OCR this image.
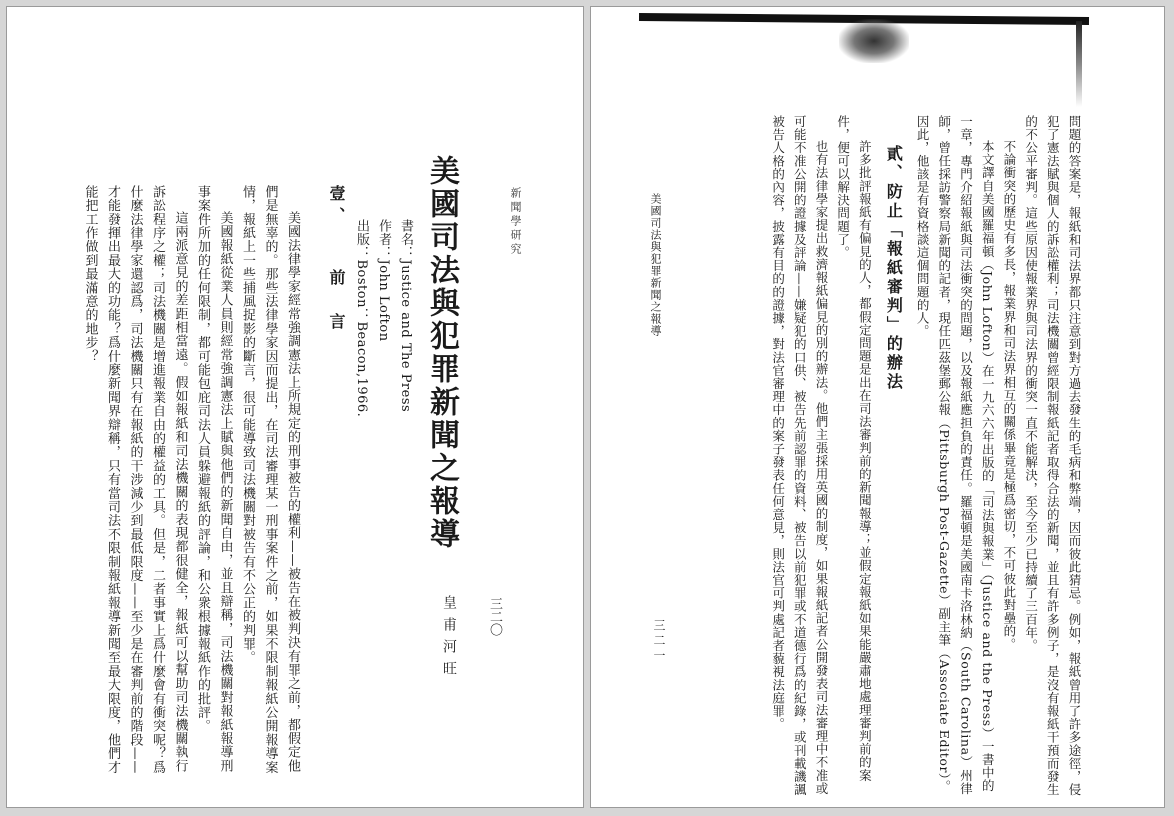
新聞學研究
三二〇
美國司法與犯罪新聞之報導
皇甫河旺
書名：Justice and The Press
作者：John Lofton
出版：Boston：Beacon,1966.
壹、前　言

美國法律學家經常強調憲法上所規定的刑事被告的權利——被告在被判決有罪之前，都假定他們是無辜的。那些法律學家因而提出，在司法審理某一刑事案件之前，如果不限制報紙公開報導案情，報紙上一些捕風捉影的斷言，很可能導致司法機關對被告有不公正的判罪。

美國報紙從業人員則經常強調憲法上賦與他們的新聞自由，並且辯稱，司法機關對報紙報導刑事案件所加的任何限制，都可能包庇司法人員躲避報紙的評論，和公衆根據報紙作的批評。

這兩派意見的差距相當遠。假如報紙和司法機關的表現都很健全，報紙可以幫助司法機關執行訴訟程序之權；司法機關是增進報業自由的權益的工具。但是，二者事實上爲什麼會有衝突呢？爲什麼法律學家還認爲，司法機關只有在報紙的干涉減少到最低限度——至少是在審判前的階段——才能發揮出最大的功能？爲什麼新聞界辯稱，只有當司法不限制報紙報導新聞至最大限度，他們才能把工作做到最滿意的地步？	問題的答案是，報紙和司法界都只注意到對方過去發生的毛病和弊端，因而彼此猜忌。例如，報紙曾用了許多途徑，侵犯了憲法賦與個人的訴訟權利；司法機關曾經限制報紙記者取得合法的新聞，並且有許多例子，是沒有報紙干預而發生的不公平審判。這些原因使報業界與司法界的衝突一直不能解決，至今至少已持續了三百年。

不論衝突的歷史有多長，報業界和司法界相互的關係畢竟是極爲密切，不可彼此對壘的。

本文譯自美國羅福頓（John Lofton）在一九六六年出版的「司法與報業」（Justice and the Press）一書中的一章，專門介紹報紙與司法衝突的問題，以及報紙應担負的責任。羅福頓是美國南卡洛林納（South Carolina）州律師，曾任採訪警察局新聞的記者，現任匹茲堡郵公報（Pittsburgh Post-Gazette）副主筆（Associate Editor）。因此，他該是有資格談這個問題的人。

貳、防止「報紙審判」的辦法

許多批評報紙有偏見的人，都假定問題是出在司法審判前的新聞報導；並假定報紙如果能嚴肅地處理審判前的案件，便可以解決問題了。

也有法律學家提出救濟報紙偏見的別的辦法。他們主張採用英國的制度，如果報紙記者公開發表司法審理中不准或可能不准公開的證據及評論——嫌疑犯的口供、被告先前認罪的資料、被告以前犯罪或不道德行爲的紀錄，或刊載譏諷被告人格的內容，披露有目的的證據，對法官審理中的案子發表任何意見，則法官可判處記者藐視法庭罪。

美國司法與犯罪新聞之報導
三二一
